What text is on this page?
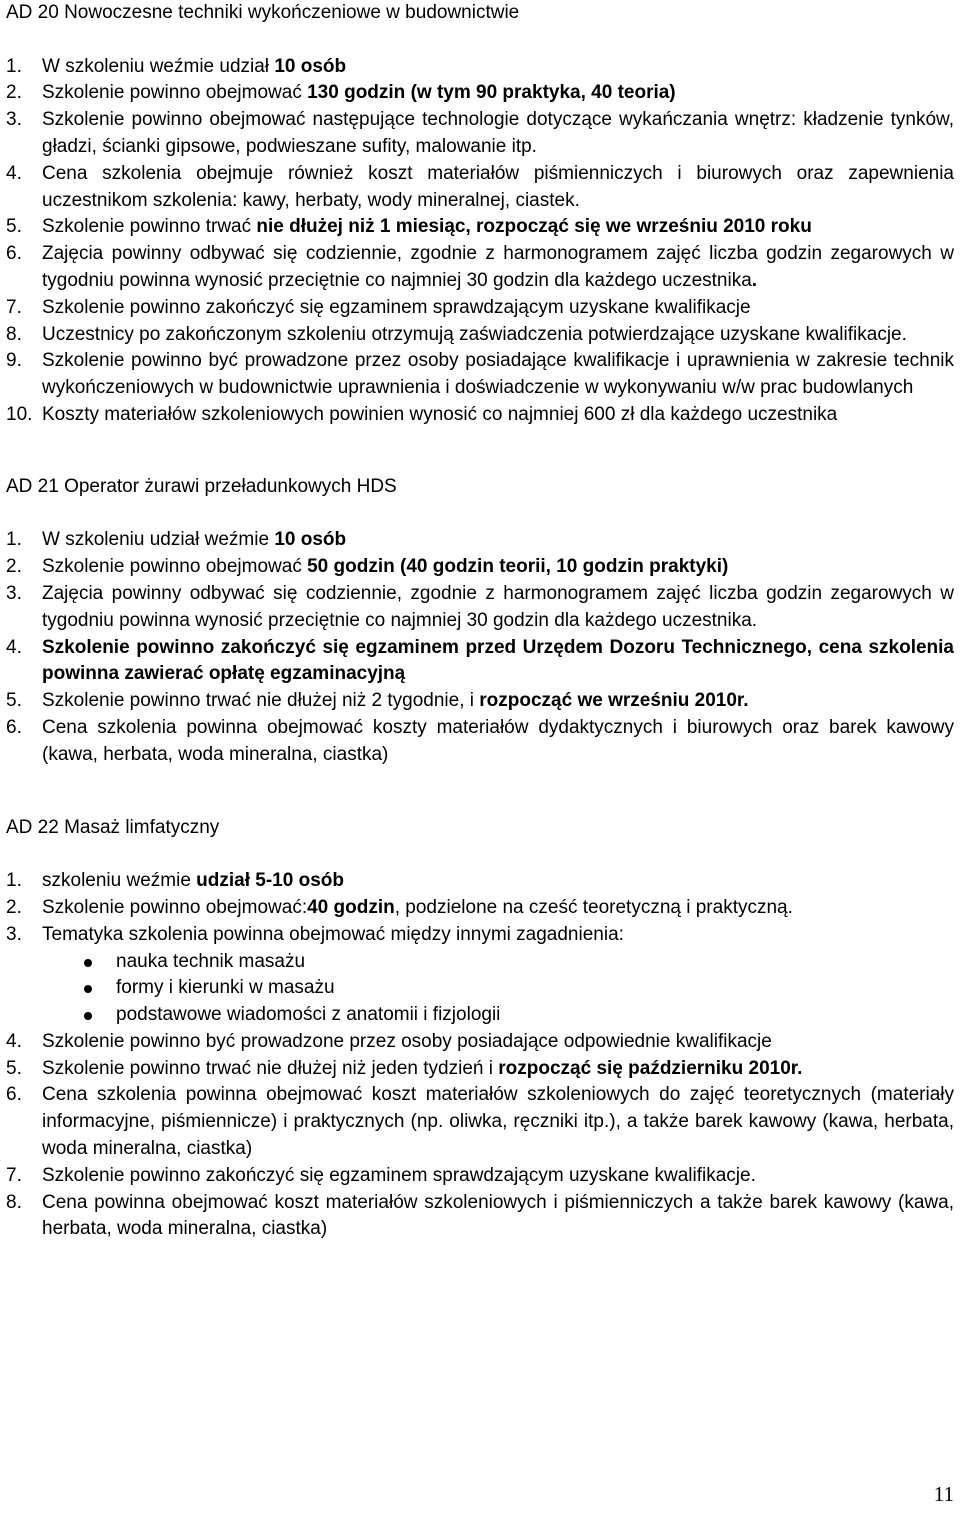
AD 20 Nowoczesne techniki wykończeniowe w budownictwie
1.	W szkoleniu weźmie udział 10 osób
2.	Szkolenie powinno obejmować 130 godzin (w tym 90 praktyka, 40 teoria)
3.	Szkolenie powinno obejmować następujące technologie dotyczące wykańczania wnętrz: kładzenie tynków, gładzi, ścianki gipsowe, podwieszane sufity, malowanie itp.
4.	Cena szkolenia obejmuje również koszt materiałów piśmienniczych i biurowych oraz zapewnienia uczestnikom szkolenia: kawy, herbaty, wody mineralnej, ciastek.
5.	Szkolenie powinno trwać nie dłużej niż 1 miesiąc, rozpocząć się we wrześniu 2010 roku
6.	Zajęcia powinny odbywać się codziennie, zgodnie z harmonogramem zajęć liczba godzin zegarowych w tygodniu powinna wynosić przeciętnie co najmniej 30 godzin dla każdego uczestnika.
7.	Szkolenie powinno zakończyć się egzaminem sprawdzającym uzyskane kwalifikacje
8.	Uczestnicy po zakończonym szkoleniu otrzymują zaświadczenia potwierdzające uzyskane kwalifikacje.
9.	Szkolenie powinno być prowadzone przez osoby posiadające kwalifikacje i uprawnienia w zakresie technik wykończeniowych w budownictwie uprawnienia i doświadczenie w wykonywaniu w/w prac budowlanych
10. Koszty materiałów szkoleniowych powinien wynosić co najmniej 600 zł dla każdego uczestnika
AD 21 Operator żurawi przeładunkowych HDS
1.	W szkoleniu udział weźmie 10 osób
2.	Szkolenie powinno obejmować 50 godzin (40 godzin teorii, 10 godzin praktyki)
3.	Zajęcia powinny odbywać się codziennie, zgodnie z harmonogramem zajęć liczba godzin zegarowych w tygodniu powinna wynosić przeciętnie co najmniej 30 godzin dla każdego uczestnika.
4.	Szkolenie powinno zakończyć się egzaminem przed Urzędem Dozoru Technicznego, cena szkolenia powinna zawierać opłatę egzaminacyjną
5.	Szkolenie powinno trwać nie dłużej niż 2 tygodnie, i rozpocząć we wrześniu 2010r.
6.	Cena szkolenia powinna obejmować koszty materiałów dydaktycznych i biurowych oraz barek kawowy (kawa, herbata, woda mineralna, ciastka)
AD 22 Masaż limfatyczny
1.	szkoleniu weźmie udział 5-10 osób
2.	Szkolenie powinno obejmować:40 godzin, podzielone na cześć teoretyczną i praktyczną.
3.	Tematyka szkolenia powinna obejmować między innymi zagadnienia:
nauka technik masażu
formy i kierunki w masażu
podstawowe wiadomości z anatomii i fizjologii
4.	Szkolenie powinno być prowadzone przez osoby posiadające odpowiednie kwalifikacje
5.	Szkolenie powinno trwać nie dłużej niż jeden tydzień i rozpocząć się październiku 2010r.
6.	Cena szkolenia powinna obejmować koszt materiałów szkoleniowych do zajęć teoretycznych (materiały informacyjne, piśmiennicze) i praktycznych (np. oliwka, ręczniki itp.), a także barek kawowy (kawa, herbata, woda mineralna, ciastka)
7.	Szkolenie powinno zakończyć się egzaminem sprawdzającym uzyskane kwalifikacje.
8.	Cena powinna obejmować koszt materiałów szkoleniowych i piśmienniczych a także barek kawowy (kawa, herbata, woda mineralna, ciastka)
11
